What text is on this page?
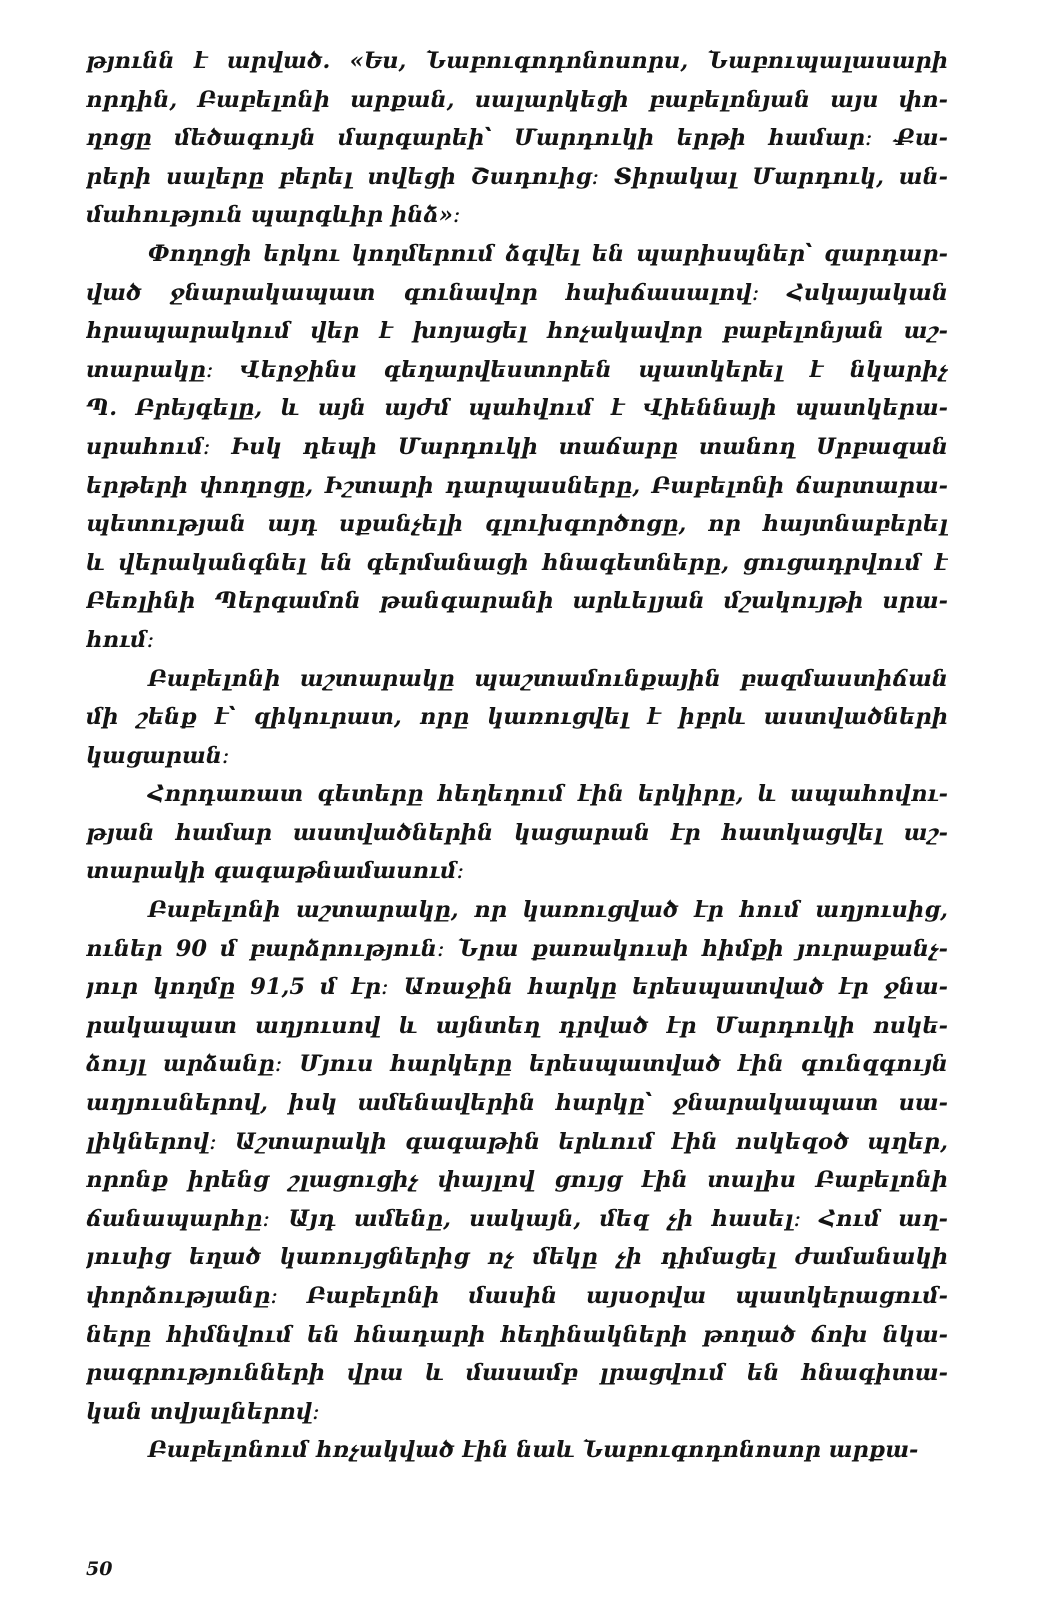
թյունն է արված. «Ես, Նաբուգոդոնոսորս, Նաբուպալասարի
որդին, Բաբելոնի արքան, սալարկեցի բաբելոնյան այս փո-
ղոցը մեծագույն մարգարեի՝ Մարդուկի երթի համար։ Քա-
րերի սալերը բերել տվեցի Շադուից։ Տիրակալ Մարդուկ, ան-
մահություն պարգևիր ինձ»։

Փողոցի երկու կողմերում ձգվել են պարիսպներ՝ զարդար-
ված ջնարակապատ գունավոր հախճասալով։ Հսկայական
հրապարակում վեր է խոյացել հոչակավոր բաբելոնյան աշ-
տարակը։ Վերջինս գեղարվեստորեն պատկերել է նկարիչ
Պ. Բրեյգելը, և այն այժմ պահվում է Վիեննայի պատկերա-
սրահում։ Իսկ դեպի Մարդուկի տաճարը տանող Սրբազան
երթերի փողոցը, Իշտարի դարպասները, Բաբելոնի ճարտարա-
պետության այդ սքանչելի գլուխգործոցը, որ հայտնաբերել
և վերականգնել են գերմանացի հնագետները, ցուցադրվում է
Բեռլինի Պերգամոն թանգարանի արևելյան մշակույթի սրա-
հում։

Բաբելոնի աշտարակը պաշտամունքային բազմաստիճան
մի շենք է՝ զիկուրատ, որը կառուցվել է իբրև աստվածների
կացարան։

Հորդառատ գետերը հեղեղում էին երկիրը, և ապահովու-
թյան համար աստվածներին կացարան էր հատկացվել աշ-
տարակի գագաթնամասում։

Բաբելոնի աշտարակը, որ կառուցված էր հում աղյուսից,
ուներ 90 մ բարձրություն։ Նրա քառակուսի հիմքի յուրաքանչ-
յուր կողմը 91,5 մ էր։ Առաջին հարկը երեսպատված էր ջնա-
րակապատ աղյուսով և այնտեղ դրված էր Մարդուկի ոսկե-
ձույլ արձանը։ Մյուս հարկերը երեսպատված էին գունզգույն
աղյուսներով, իսկ ամենավերին հարկը՝ ջնարակապատ սա-
լիկներով։ Աշտարակի գագաթին երևում էին ոսկեզօծ պղեր,
որոնք իրենց շլացուցիչ փայլով ցույց էին տալիս Բաբելոնի
ճանապարհը։ Այդ ամենը, սակայն, մեզ չի հասել։ Հում աղ-
յուսից եղած կառույցներից ոչ մեկը չի դիմացել ժամանակի
փորձությանը։ Բաբելոնի մասին այսօրվա պատկերացում-
ները հիմնվում են հնադարի հեղինակների թողած ճոխ նկա-
րագրությունների վրա և մասամբ լրացվում են հնագիտա-
կան տվյալներով։

Բաբելոնում հռչակված էին նաև Նաբուգոդոնոսոր արքա-

50
